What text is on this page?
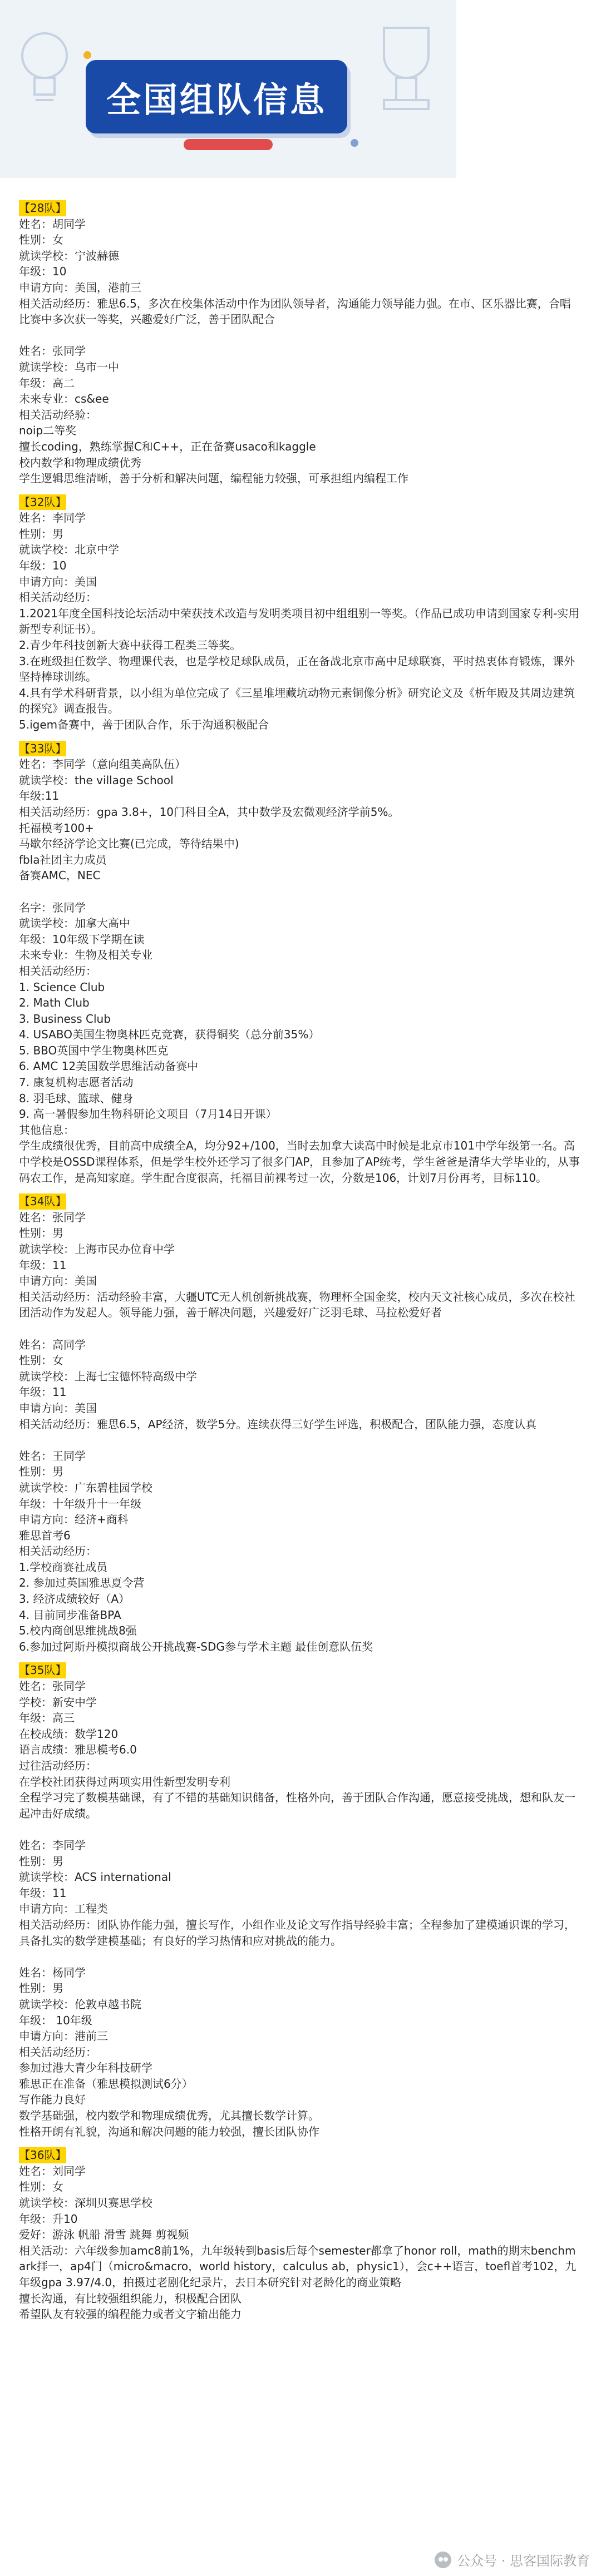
全国组队信息

【28队】

姓名：胡同学

性别：女

就读学校：宁波赫德

年级：10

申请方向：美国，港前三

相关活动经历：雅思6.5，多次在校集体活动中作为团队领导者，沟通能力领导能力强。在市、区乐器比赛，合唱比赛中多次获一等奖，兴趣爱好广泛，善于团队配合

姓名：张同学

就读学校：乌市一中

年级：高二

未来专业：cs&ee

相关活动经验：

noip二等奖

擅长coding，熟练掌握C和C++，正在备赛usaco和kaggle

校内数学和物理成绩优秀

学生逻辑思维清晰，善于分析和解决问题，编程能力较强，可承担组内编程工作

【32队】

姓名：李同学

性别：男

就读学校：北京中学

年级：10

申请方向：美国

相关活动经历：

1.2021年度全国科技论坛活动中荣获技术改造与发明类项目初中组组别一等奖。（作品已成功申请到国家专利-实用新型专利证书）。

2.青少年科技创新大赛中获得工程类三等奖。

3.在班级担任数学、物理课代表，也是学校足球队成员，正在备战北京市高中足球联赛，平时热衷体育锻炼，课外坚持棒球训练。

4.具有学术科研背景，以小组为单位完成了《三星堆埋藏坑动物元素铜像分析》研究论文及《析年殿及其周边建筑的探究》调查报告。

5.igem备赛中，善于团队合作，乐于沟通积极配合

【33队】

姓名：李同学（意向组美高队伍）

就读学校：the village School

年级:11

相关活动经历：gpa 3.8+，10门科目全A，其中数学及宏微观经济学前5%。

托福模考100+

马歇尔经济学论文比赛(已完成，等待结果中)

fbla社团主力成员

备赛AMC，NEC

名字：张同学

就读学校：加拿大高中

年级：10年级下学期在读

未来专业：生物及相关专业

相关活动经历：

1. Science Club

2. Math Club

3. Business Club

4. USABO美国生物奥林匹克竞赛，获得铜奖（总分前35%）

5. BBO英国中学生物奥林匹克

6. AMC 12美国数学思维活动备赛中

7. 康复机构志愿者活动

8. 羽毛球、篮球、健身

9. 高一暑假参加生物科研论文项目（7月14日开课）

其他信息：

学生成绩很优秀，目前高中成绩全A，均分92+/100，当时去加拿大读高中时候是北京市101中学年级第一名。高中学校是OSSD课程体系，但是学生校外还学习了很多门AP，且参加了AP统考，学生爸爸是清华大学毕业的，从事码农工作，是高知家庭。学生配合度很高，托福目前裸考过一次，分数是106，计划7月份再考，目标110。

【34队】

姓名：张同学

性别：男

就读学校：上海市民办位育中学

年级：11

申请方向：美国

相关活动经历：活动经验丰富，大疆UTC无人机创新挑战赛，物理杯全国金奖，校内天文社核心成员，多次在校社团活动作为发起人。领导能力强，善于解决问题，兴趣爱好广泛羽毛球、马拉松爱好者

姓名：高同学

性别：女

就读学校：上海七宝德怀特高级中学

年级：11

申请方向：美国

相关活动经历：雅思6.5，AP经济，数学5分。连续获得三好学生评选，积极配合，团队能力强，态度认真

姓名：王同学

性别：男

就读学校：广东碧桂园学校

年级：十年级升十一年级

申请方向：经济+商科

雅思首考6

相关活动经历：

1.学校商赛社成员

2. 参加过英国雅思夏令营

3. 经济成绩较好（A）

4. 目前同步准备BPA

5.校内商创思维挑战8强

6.参加过阿斯丹模拟商战公开挑战赛-SDG参与学术主题 最佳创意队伍奖

【35队】

姓名：张同学

学校：新安中学

年级：高三

在校成绩：数学120

语言成绩：雅思模考6.0

过往活动经历：

在学校社团获得过两项实用性新型发明专利

全程学习完了数模基础课，有了不错的基础知识储备，性格外向，善于团队合作沟通，愿意接受挑战，想和队友一起冲击好成绩。

姓名：李同学

性别：男

就读学校：ACS international

年级：11

申请方向：工程类

相关活动经历：团队协作能力强，擅长写作，小组作业及论文写作指导经验丰富；全程参加了建模通识课的学习，具备扎实的数学建模基础；有良好的学习热情和应对挑战的能力。

姓名：杨同学

性别：男

就读学校：伦敦卓越书院

年级： 10年级

申请方向：港前三

相关活动经历：

参加过港大青少年科技研学

雅思正在准备（雅思模拟测试6分）

写作能力良好

数学基础强，校内数学和物理成绩优秀，尤其擅长数学计算。

性格开朗有礼貌，沟通和解决问题的能力较强，擅长团队协作

【36队】

姓名：刘同学

性别：女

就读学校：深圳贝赛思学校

年级：升10

爱好：游泳 帆船 滑雪 跳舞 剪视频

相关活动：六年级参加amc8前1%，九年级转到basis后每个semester都拿了honor roll，math的期末benchmark拝一，ap4门（micro&macro，world history，calculus ab，physic1），会c++语言，toefl首考102，九年级gpa 3.97/4.0，拍摄过老剧化纪录片，去日本研究针对老龄化的商业策略

擅长沟通，有比较强组织能力，积极配合团队

希望队友有较强的编程能力或者文字输出能力

公众号 · 思客国际教育
